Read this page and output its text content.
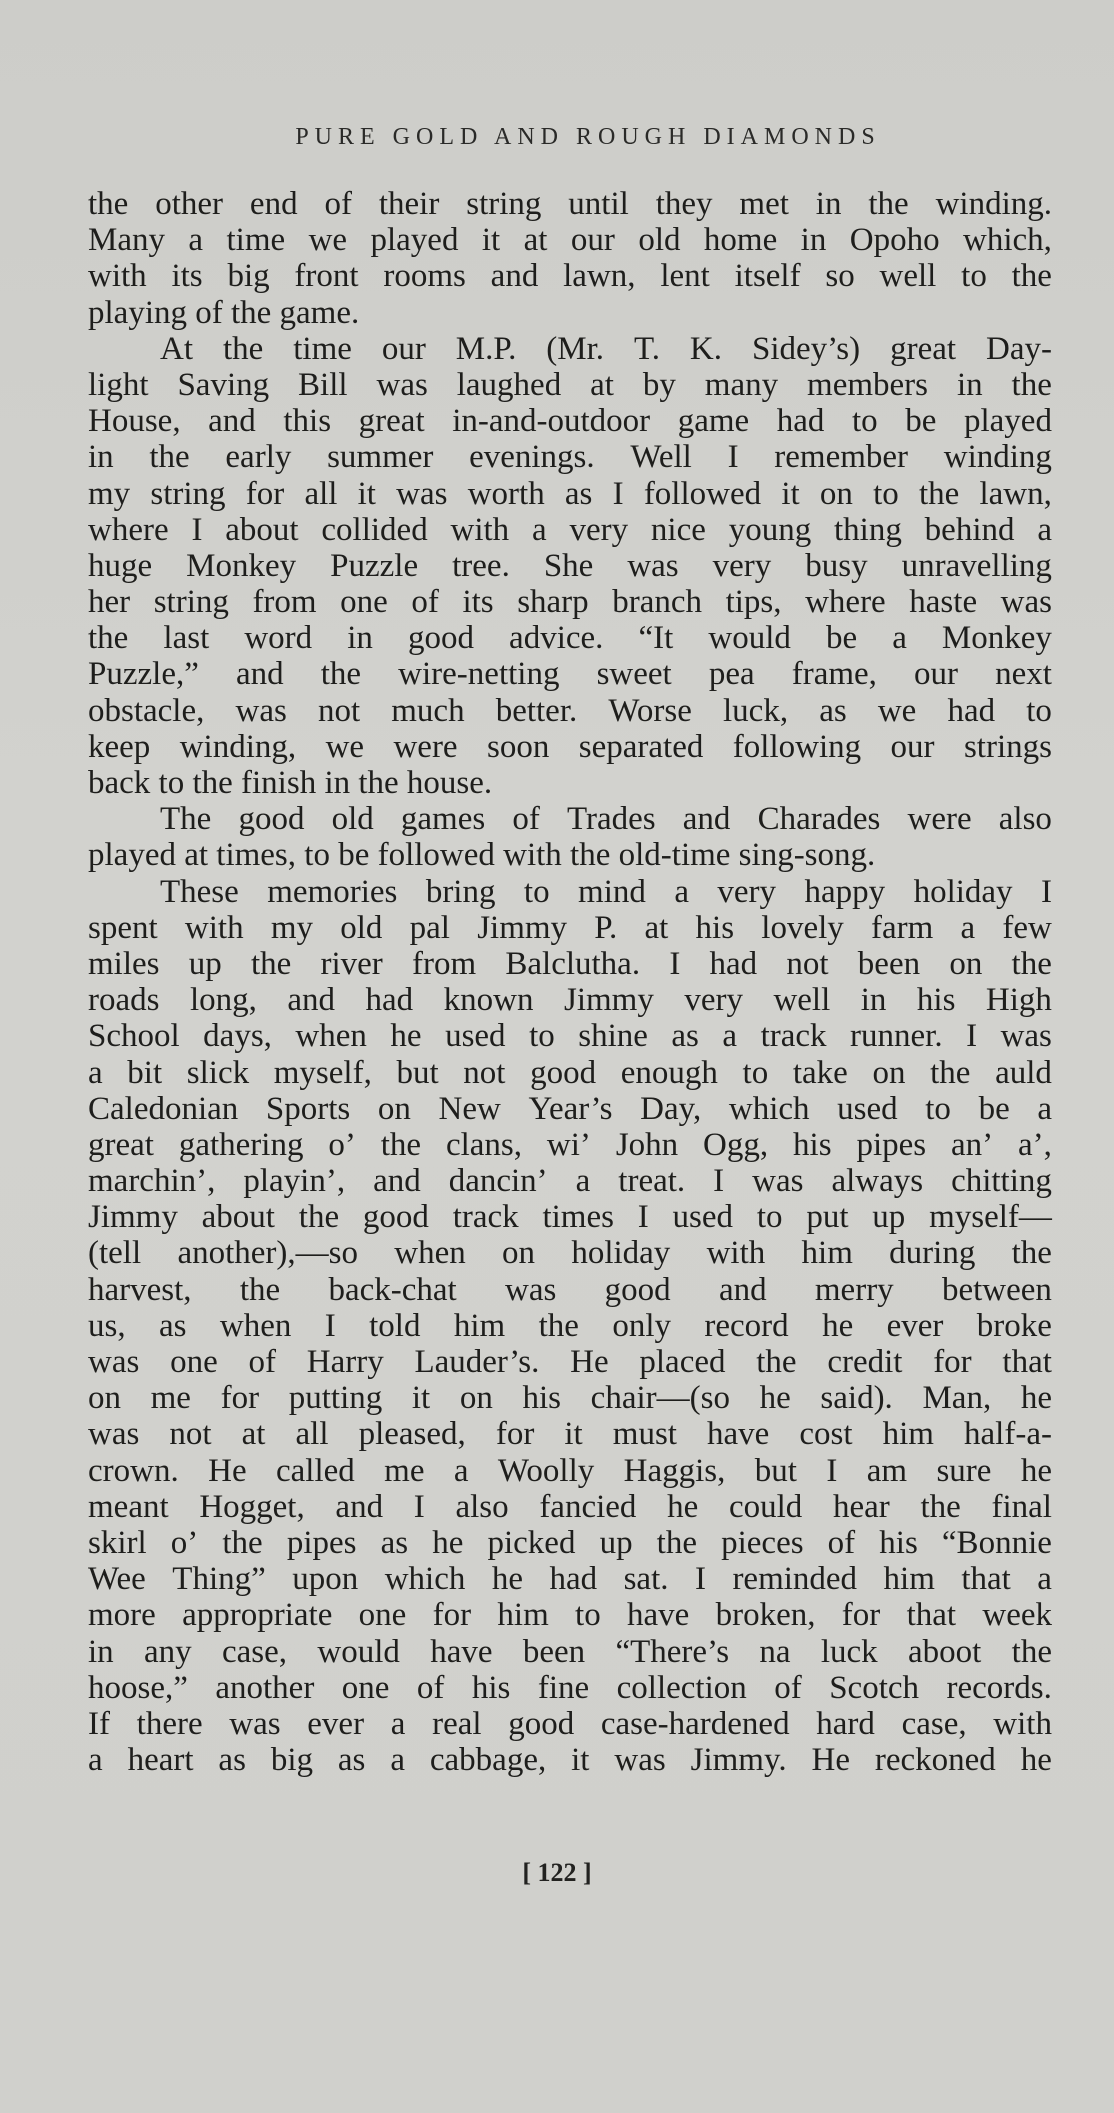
PURE GOLD AND ROUGH DIAMONDS
the other end of their string until they met in the winding.
Many a time we played it at our old home in Opoho which,
with its big front rooms and lawn, lent itself so well to the
playing of the game.
At the time our M.P. (Mr. T. K. Sidey’s) great Day-
light Saving Bill was laughed at by many members in the
House, and this great in-and-outdoor game had to be played
in the early summer evenings. Well I remember winding
my string for all it was worth as I followed it on to the lawn,
where I about collided with a very nice young thing behind a
huge Monkey Puzzle tree. She was very busy unravelling
her string from one of its sharp branch tips, where haste was
the last word in good advice. “It would be a Monkey
Puzzle,” and the wire-netting sweet pea frame, our next
obstacle, was not much better. Worse luck, as we had to
keep winding, we were soon separated following our strings
back to the finish in the house.
The good old games of Trades and Charades were also
played at times, to be followed with the old-time sing-song.
These memories bring to mind a very happy holiday I
spent with my old pal Jimmy P. at his lovely farm a few
miles up the river from Balclutha. I had not been on the
roads long, and had known Jimmy very well in his High
School days, when he used to shine as a track runner. I was
a bit slick myself, but not good enough to take on the auld
Caledonian Sports on New Year’s Day, which used to be a
great gathering o’ the clans, wi’ John Ogg, his pipes an’ a’,
marchin’, playin’, and dancin’ a treat. I was always chitting
Jimmy about the good track times I used to put up myself—
(tell another),—so when on holiday with him during the
harvest, the back-chat was good and merry between
us, as when I told him the only record he ever broke
was one of Harry Lauder’s. He placed the credit for that
on me for putting it on his chair—(so he said). Man, he
was not at all pleased, for it must have cost him half-a-
crown. He called me a Woolly Haggis, but I am sure he
meant Hogget, and I also fancied he could hear the final
skirl o’ the pipes as he picked up the pieces of his “Bonnie
Wee Thing” upon which he had sat. I reminded him that a
more appropriate one for him to have broken, for that week
in any case, would have been “There’s na luck aboot the
hoose,” another one of his fine collection of Scotch records.
If there was ever a real good case-hardened hard case, with
a heart as big as a cabbage, it was Jimmy. He reckoned he
[ 122 ]
